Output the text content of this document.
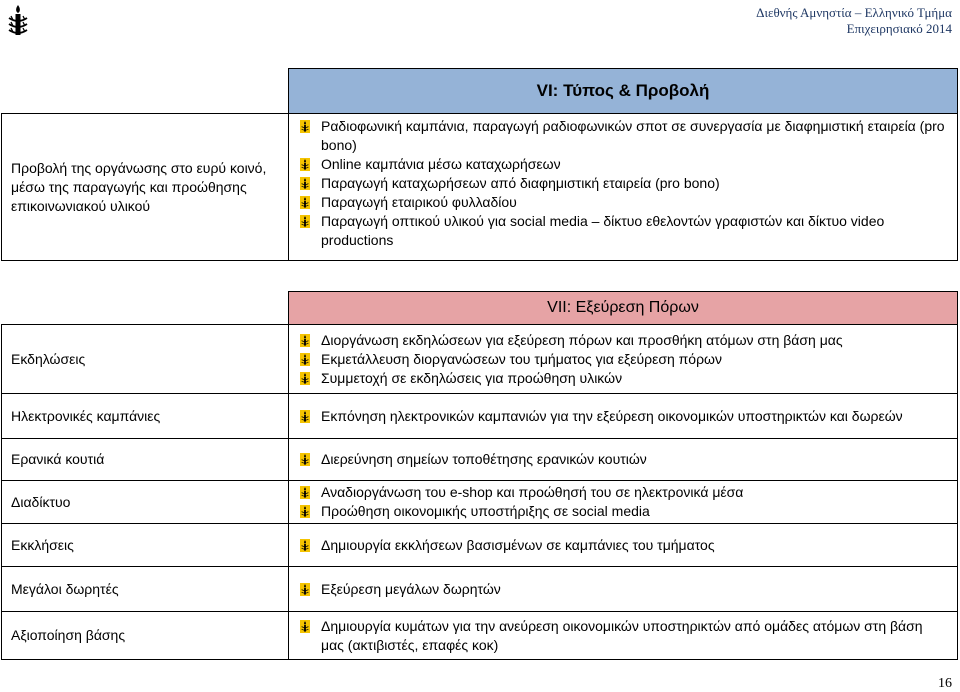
Διεθνής Αμνηστία – Ελληνικό Τμήμα
Επιχειρησιακό 2014
	VI: Τύπος & Προβολή
Προβολή της οργάνωσης στο ευρύ κοινό, μέσω της παραγωγής και προώθησης επικοινωνιακού υλικού	Ραδιοφωνική καμπάνια, παραγωγή ραδιοφωνικών σποτ σε συνεργασία με διαφημιστική εταιρεία (pro bono)
Online καμπάνια μέσω καταχωρήσεων
Παραγωγή καταχωρήσεων από διαφημιστική εταιρεία (pro bono)
Παραγωγή εταιρικού φυλλαδίου
Παραγωγή οπτικού υλικού για social media – δίκτυο εθελοντών γραφιστών και δίκτυο video productions
	VII: Εξεύρεση Πόρων
Εκδηλώσεις	Διοργάνωση εκδηλώσεων για εξεύρεση πόρων και προσθήκη ατόμων στη βάση μας
Εκμετάλλευση διοργανώσεων του τμήματος για εξεύρεση πόρων
Συμμετοχή σε εκδηλώσεις για προώθηση υλικών

Ηλεκτρονικές καμπάνιες	Εκπόνηση ηλεκτρονικών καμπανιών για την εξεύρεση οικονομικών υποστηρικτών και δωρεών

Ερανικά κουτιά	Διερεύνηση σημείων τοποθέτησης ερανικών κουτιών

Διαδίκτυο	Αναδιοργάνωση του e-shop και προώθησή του σε ηλεκτρονικά μέσα
Προώθηση οικονομικής υποστήριξης σε social media

Εκκλήσεις	Δημιουργία εκκλήσεων βασισμένων σε καμπάνιες του τμήματος

Μεγάλοι δωρητές	Εξεύρεση μεγάλων δωρητών

Αξιοποίηση βάσης	Δημιουργία κυμάτων για την ανεύρεση οικονομικών υποστηρικτών από ομάδες ατόμων στη βάση μας (ακτιβιστές, επαφές κοκ)
16
